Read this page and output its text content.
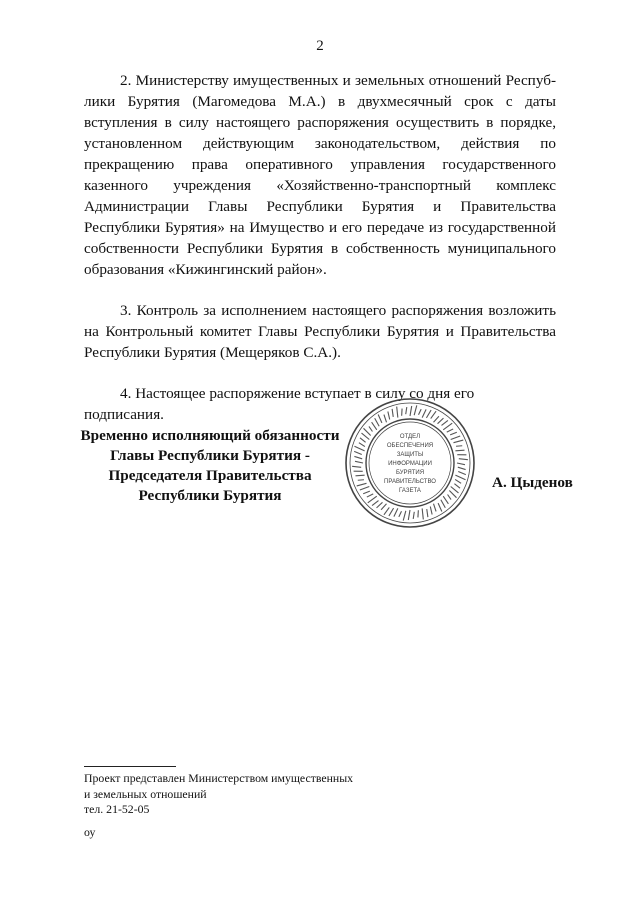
2

2. Министерству имущественных и земельных отношений Республики Бурятия (Магомедова М.А.) в двухмесячный срок с даты вступления в силу настоящего распоряжения осуществить в порядке, установленном действующим законодательством, действия по прекращению права оперативного управления государственного казенного учреждения «Хозяйственно-транспортный комплекс Администрации Главы Республики Бурятия и Правительства Республики Бурятия» на Имущество и его передаче из государственной собственности Республики Бурятия в собственность муниципального образования «Кижингинский район».

3. Контроль за исполнением настоящего распоряжения возложить на Контрольный комитет Главы Республики Бурятия и Правительства Республики Бурятия (Мещеряков С.А.).

4. Настоящее распоряжение вступает в силу со дня его подписания.

Временно исполняющий обязанности
Главы Республики Бурятия -
Председателя Правительства
Республики Бурятия
ОТДЕЛ
ОБЕСПЕЧЕНИЯ
ЗАЩИТЫ
ИНФОРМАЦИИ
БУРЯТИЯ
ПРАВИТЕЛЬСТВО
ГАЗЕТА	А. Цыденов
Проект представлен Министерством имущественных
и земельных отношений
тел. 21-52-05
оу
